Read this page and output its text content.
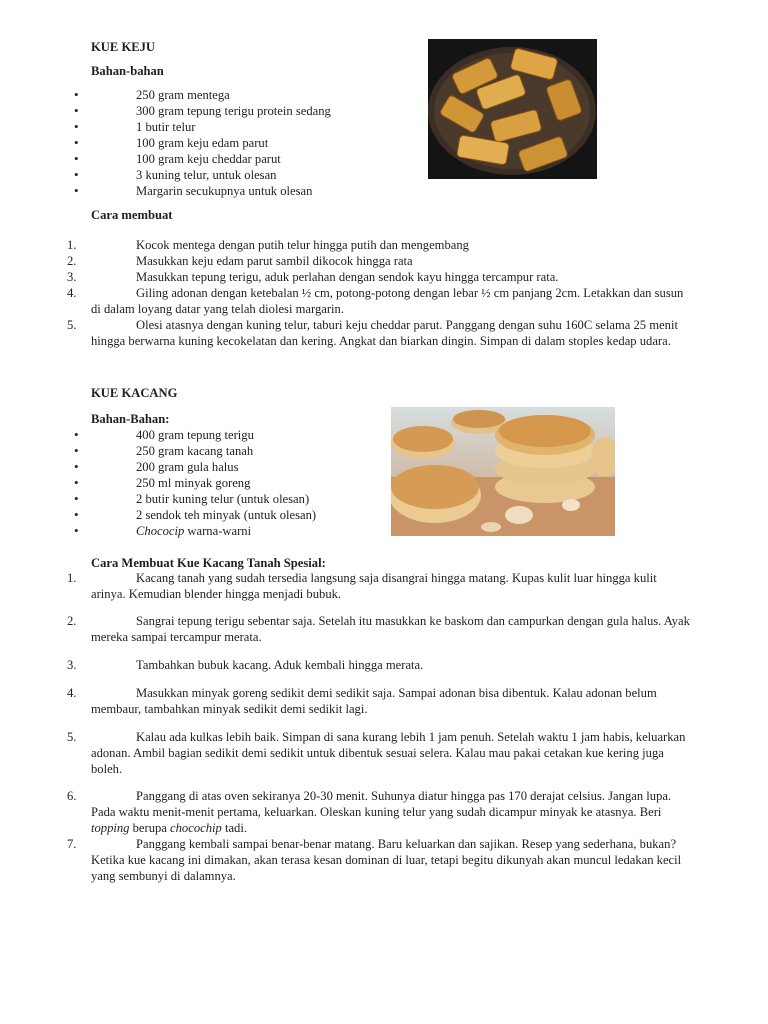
KUE KEJU
Bahan-bahan
• 250 gram mentega
• 300 gram tepung terigu protein sedang
• 1 butir telur
• 100 gram keju edam parut
• 100 gram keju cheddar parut
• 3 kuning telur, untuk olesan
• Margarin secukupnya untuk olesan
Cara membuat
1.	Kocok mentega dengan putih telur hingga putih dan mengembang
2.	Masukkan keju edam parut sambil dikocok hingga rata
3.	Masukkan tepung terigu, aduk perlahan dengan sendok kayu hingga tercampur rata.
4.	Giling adonan dengan ketebalan ½ cm, potong-potong dengan lebar ½ cm panjang 2cm. Letakkan dan susun di dalam loyang datar yang telah diolesi margarin.
5.	Olesi atasnya dengan kuning telur, taburi keju cheddar parut. Panggang dengan suhu 160C selama 25 menit hingga berwarna kuning kecokelatan dan kering. Angkat dan biarkan dingin. Simpan di dalam stoples kedap udara.
KUE KACANG
Bahan-Bahan:
• 400 gram tepung terigu
• 250 gram kacang tanah
• 200 gram gula halus
• 250 ml minyak goreng
• 2 butir kuning telur (untuk olesan)
• 2 sendok teh minyak (untuk olesan)
• Chococip warna-warni
Cara Membuat Kue Kacang Tanah Spesial:
1.	Kacang tanah yang sudah tersedia langsung saja disangrai hingga matang. Kupas kulit luar hingga kulit arinya. Kemudian blender hingga menjadi bubuk.
2.	Sangrai tepung terigu sebentar saja. Setelah itu masukkan ke baskom dan campurkan dengan gula halus. Ayak mereka sampai tercampur merata.
3.	Tambahkan bubuk kacang. Aduk kembali hingga merata.
4.	Masukkan minyak goreng sedikit demi sedikit saja. Sampai adonan bisa dibentuk. Kalau adonan belum membaur, tambahkan minyak sedikit demi sedikit lagi.
5.	Kalau ada kulkas lebih baik. Simpan di sana kurang lebih 1 jam penuh. Setelah waktu 1 jam habis, keluarkan adonan. Ambil bagian sedikit demi sedikit untuk dibentuk sesuai selera. Kalau mau pakai cetakan kue kering juga boleh.
6.	Panggang di atas oven sekiranya 20-30 menit. Suhunya diatur hingga pas 170 derajat celsius. Jangan lupa. Pada waktu menit-menit pertama, keluarkan. Oleskan kuning telur yang sudah dicampur minyak ke atasnya. Beri topping berupa chocochip tadi.
7.	Panggang kembali sampai benar-benar matang. Baru keluarkan dan sajikan. Resep yang sederhana, bukan? Ketika kue kacang ini dimakan, akan terasa kesan dominan di luar, tetapi begitu dikunyah akan muncul ledakan kecil yang sembunyi di dalamnya.
